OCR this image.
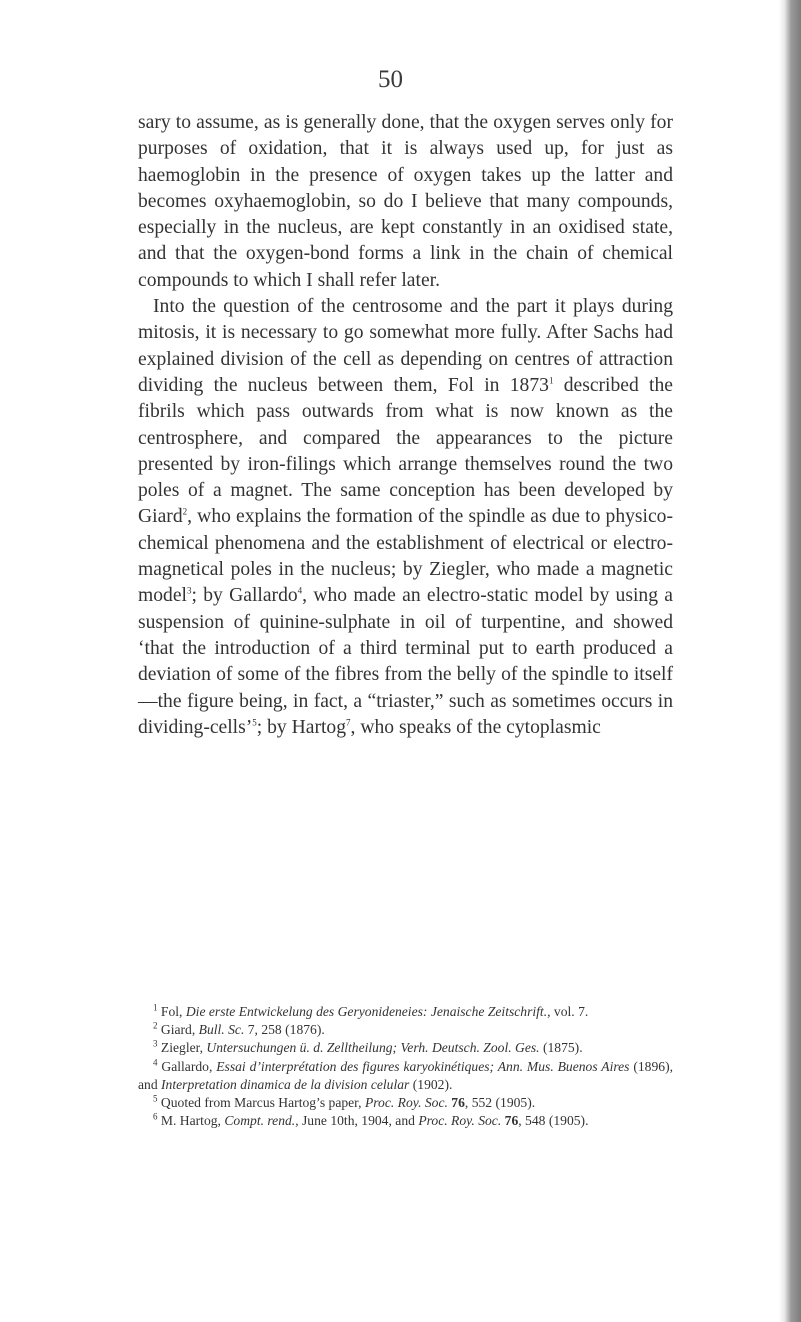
50

sary to assume, as is generally done, that the oxygen serves only for purposes of oxidation, that it is always used up, for just as haemoglobin in the presence of oxygen takes up the latter and becomes oxyhaemoglobin, so do I believe that many compounds, especially in the nucleus, are kept constantly in an oxidised state, and that the oxygen-bond forms a link in the chain of chemical compounds to which I shall refer later.

Into the question of the centrosome and the part it plays during mitosis, it is necessary to go somewhat more fully. After Sachs had explained division of the cell as depending on centres of attraction dividing the nucleus between them, Fol in 1873$^1$ described the fibrils which pass outwards from what is now known as the centrosphere, and compared the appearances to the picture presented by iron-filings which arrange themselves round the two poles of a magnet. The same conception has been developed by Giard$^2$, who explains the formation of the spindle as due to physico-chemical phenomena and the establishment of electrical or electro-magnetical poles in the nucleus; by Ziegler, who made a magnetic model$^3$; by Gallardo$^4$, who made an electro-static model by using a suspension of quinine-sulphate in oil of turpentine, and showed ‘that the introduction of a third terminal put to earth produced a deviation of some of the fibres from the belly of the spindle to itself—the figure being, in fact, a “triaster,” such as sometimes occurs in dividing-cells’$^5$; by Hartog$^7$, who speaks of the cytoplasmic

$^1$ Fol, Die erste Entwickelung des Geryonideneies: Jenaische Zeitschrift., vol. 7.

$^2$ Giard, Bull. Sc. 7, 258 (1876).

$^3$ Ziegler, Untersuchungen ü. d. Zelltheilung; Verh. Deutsch. Zool. Ges. (1875).

$^4$ Gallardo, Essai d’interprétation des figures karyokinétiques; Ann. Mus. Buenos Aires (1896), and Interpretation dinamica de la division celular (1902).

$^5$ Quoted from Marcus Hartog’s paper, Proc. Roy. Soc. 76, 552 (1905).

$^6$ M. Hartog, Compt. rend., June 10th, 1904, and Proc. Roy. Soc. 76, 548 (1905).
